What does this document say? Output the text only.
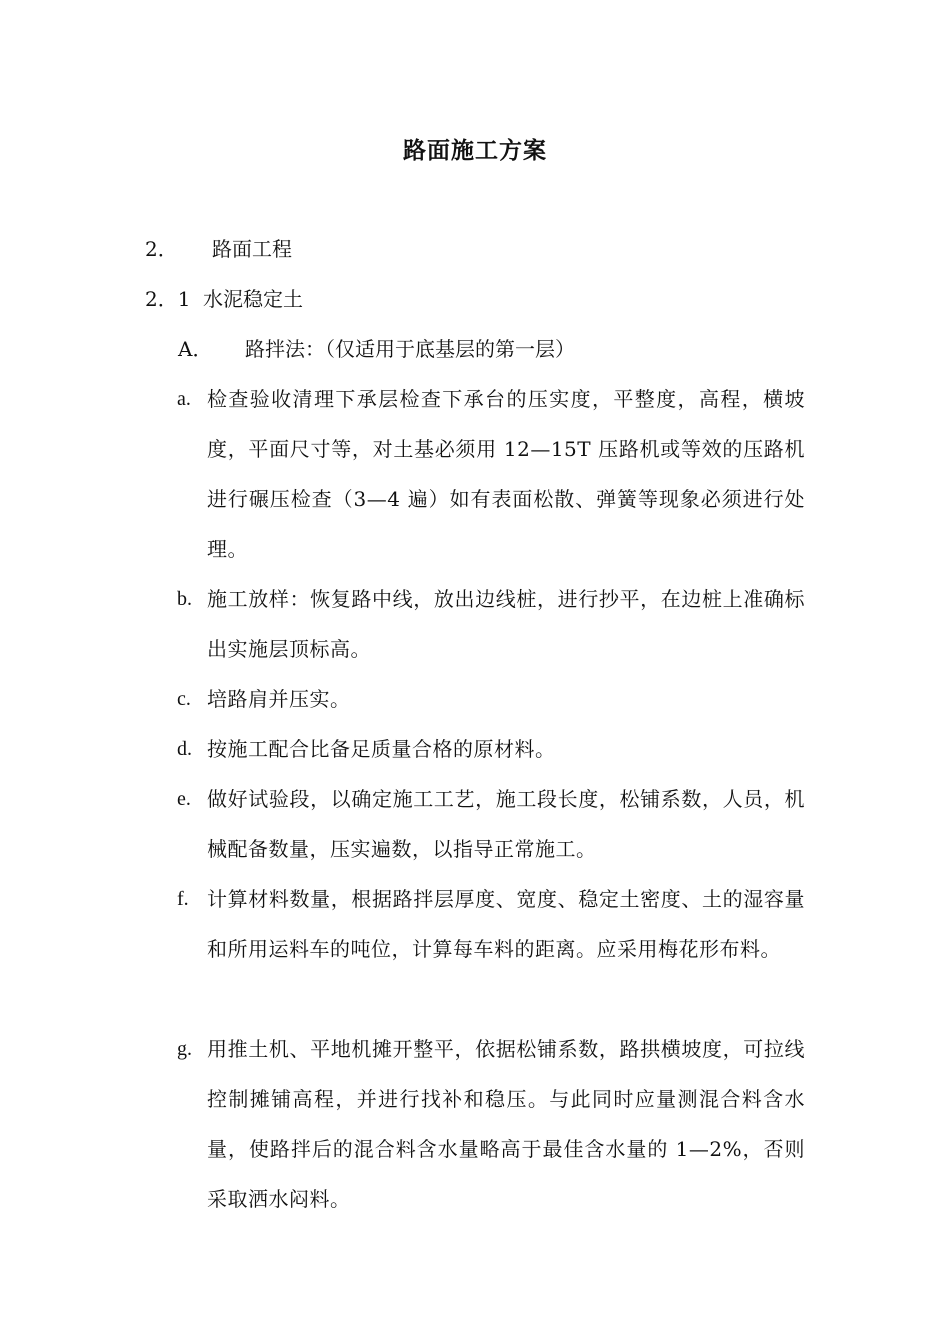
路面施工方案
2． 路面工程
2．1 水泥稳定土
A． 路拌法：（仅适用于底基层的第一层）
a. 检查验收清理下承层检查下承台的压实度，平整度，高程，横坡度，平面尺寸等，对土基必须用 12—15T 压路机或等效的压路机进行碾压检查（3—4 遍）如有表面松散、弹簧等现象必须进行处理。
b. 施工放样：恢复路中线，放出边线桩，进行抄平，在边桩上准确标出实施层顶标高。
c. 培路肩并压实。
d. 按施工配合比备足质量合格的原材料。
e. 做好试验段，以确定施工工艺，施工段长度，松铺系数，人员，机械配备数量，压实遍数，以指导正常施工。
f. 计算材料数量，根据路拌层厚度、宽度、稳定土密度、土的湿容量和所用运料车的吨位，计算每车料的距离。应采用梅花形布料。
g. 用推土机、平地机摊开整平，依据松铺系数，路拱横坡度，可拉线控制摊铺高程，并进行找补和稳压。与此同时应量测混合料含水量，使路拌后的混合料含水量略高于最佳含水量的 1—2%，否则采取洒水闷料。
